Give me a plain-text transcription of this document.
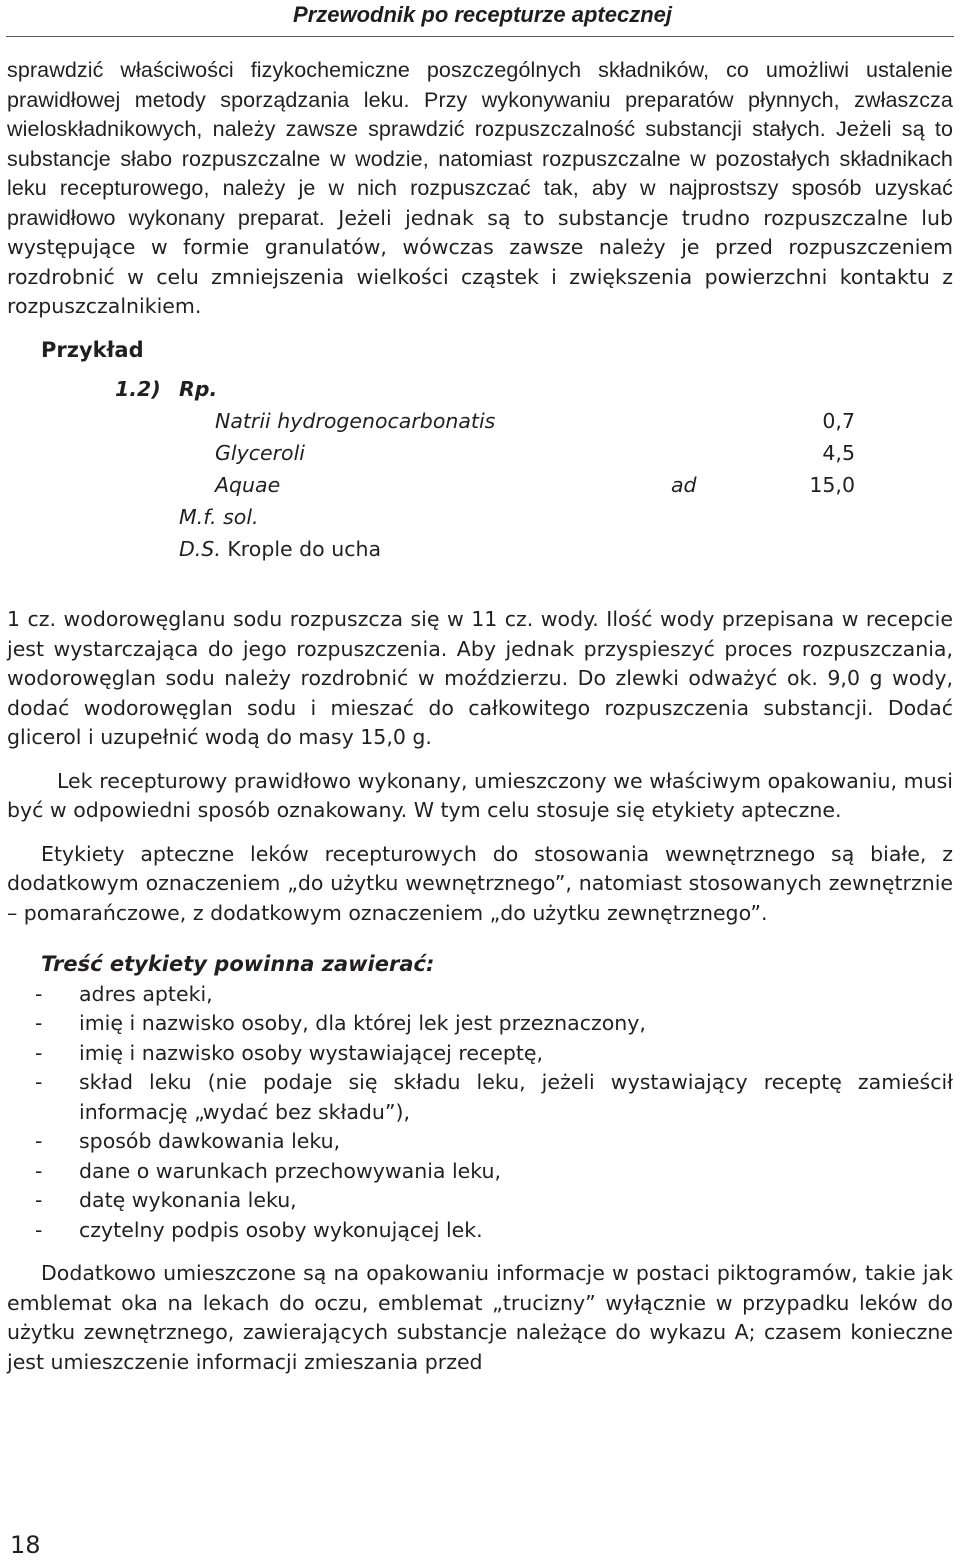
Przewodnik po recepturze aptecznej

sprawdzić właściwości fizykochemiczne poszczególnych składników, co umożliwi ustalenie prawidłowej metody sporządzania leku. Przy wykonywaniu preparatów płynnych, zwłaszcza wieloskładnikowych, należy zawsze sprawdzić rozpuszczalność substancji stałych. Jeżeli są to substancje słabo rozpuszczalne w wodzie, natomiast rozpuszczalne w pozostałych składnikach leku recepturowego, należy je w nich rozpuszczać tak, aby w najprostszy sposób uzyskać prawidłowo wykonany preparat. Jeżeli jednak są to substancje trudno rozpuszczalne lub występujące w formie granulatów, wówczas zawsze należy je przed rozpuszczeniem rozdrobnić w celu zmniejszenia wielkości cząstek i zwiększenia powierzchni kontaktu z rozpuszczalnikiem.

Przykład
1.2) Rp.
Natrii hydrogenocarbonatis	0,7
Glyceroli	4,5
Aquae	ad	15,0
M.f. sol.
D.S. Krople do ucha

1 cz. wodorowęglanu sodu rozpuszcza się w 11 cz. wody. Ilość wody przepisana w recepcie jest wystarczająca do jego rozpuszczenia. Aby jednak przyspieszyć proces rozpuszczania, wodorowęglan sodu należy rozdrobnić w moździerzu. Do zlewki odważyć ok. 9,0 g wody, dodać wodorowęglan sodu i mieszać do całkowitego rozpuszczenia substancji. Dodać glicerol i uzupełnić wodą do masy 15,0 g.

Lek recepturowy prawidłowo wykonany, umieszczony we właściwym opakowaniu, musi być w odpowiedni sposób oznakowany. W tym celu stosuje się etykiety apteczne.

Etykiety apteczne leków recepturowych do stosowania wewnętrznego są białe, z dodatkowym oznaczeniem „do użytku wewnętrznego”, natomiast stosowanych zewnętrznie – pomarańczowe, z dodatkowym oznaczeniem „do użytku zewnętrznego”.

Treść etykiety powinna zawierać:
- adres apteki,
- imię i nazwisko osoby, dla której lek jest przeznaczony,
- imię i nazwisko osoby wystawiającej receptę,
- skład leku (nie podaje się składu leku, jeżeli wystawiający receptę zamieścił informację „wydać bez składu”),
- sposób dawkowania leku,
- dane o warunkach przechowywania leku,
- datę wykonania leku,
- czytelny podpis osoby wykonującej lek.

Dodatkowo umieszczone są na opakowaniu informacje w postaci piktogramów, takie jak emblemat oka na lekach do oczu, emblemat „trucizny” wyłącznie w przypadku leków do użytku zewnętrznego, zawierających substancje należące do wykazu A; czasem konieczne jest umieszczenie informacji zmieszania przed

18
